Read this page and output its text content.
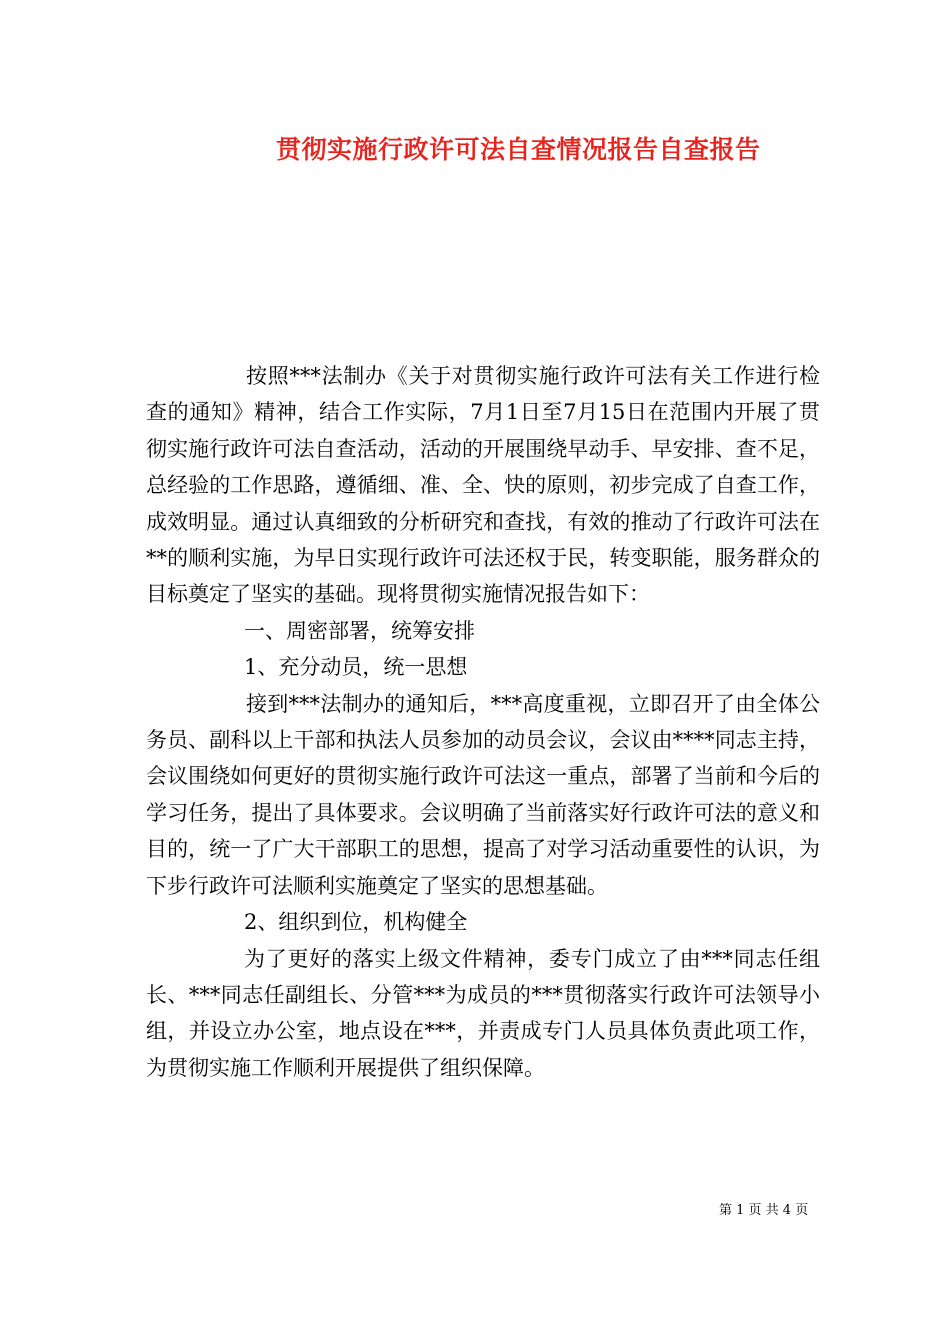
贯彻实施行政许可法自查情况报告自查报告

按照***法制办《关于对贯彻实施行政许可法有关工作进行检查的通知》精神，结合工作实际，7月1日至7月15日在范围内开展了贯彻实施行政许可法自查活动，活动的开展围绕早动手、早安排、查不足，总经验的工作思路，遵循细、准、全、快的原则，初步完成了自查工作，成效明显。通过认真细致的分析研究和查找，有效的推动了行政许可法在**的顺利实施，为早日实现行政许可法还权于民，转变职能，服务群众的目标奠定了坚实的基础。现将贯彻实施情况报告如下：

一、周密部署，统筹安排

1、充分动员，统一思想

接到***法制办的通知后，***高度重视，立即召开了由全体公务员、副科以上干部和执法人员参加的动员会议，会议由****同志主持，会议围绕如何更好的贯彻实施行政许可法这一重点，部署了当前和今后的学习任务，提出了具体要求。会议明确了当前落实好行政许可法的意义和目的，统一了广大干部职工的思想，提高了对学习活动重要性的认识，为下步行政许可法顺利实施奠定了坚实的思想基础。

2、组织到位，机构健全

为了更好的落实上级文件精神，委专门成立了由***同志任组长、***同志任副组长、分管***为成员的***贯彻落实行政许可法领导小组，并设立办公室，地点设在***，并责成专门人员具体负责此项工作，为贯彻实施工作顺利开展提供了组织保障。

第 1 页 共 4 页
